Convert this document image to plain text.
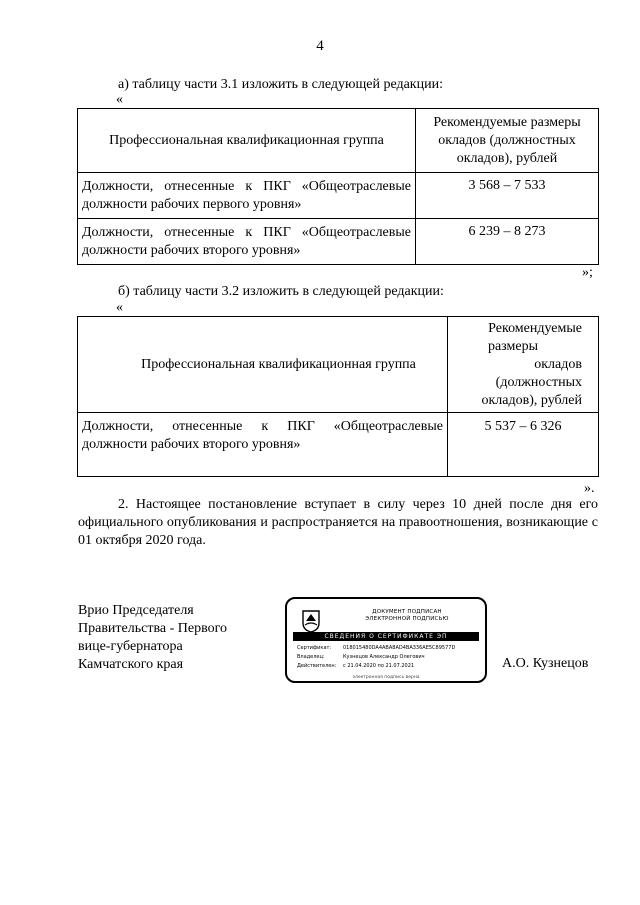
4
а) таблицу части 3.1 изложить в следующей редакции:
«
Профессиональная квалификационная группа	Рекомендуемые размеры окладов (должностных окладов), рублей
Должности, отнесенные к ПКГ «Общеотраслевые должности рабочих первого уровня»	3 568 – 7 533
Должности, отнесенные к ПКГ «Общеотраслевые должности рабочих второго уровня»	6 239 – 8 273
»;
б) таблицу части 3.2 изложить в следующей редакции:
«
Профессиональная квалификационная группа	Рекомендуемые
размеры
окладов
(должностных
окладов), рублей

Должности, отнесенные к ПКГ «Общеотраслевые должности рабочих второго уровня»	5 537 – 6 326
».
2. Настоящее постановление вступает в силу через 10 дней после дня его официального опубликования и распространяется на правоотношения, возникающие с 01 октября 2020 года.
Врио Председателя
Правительства - Первого
вице-губернатора
Камчатского края
ДОКУМЕНТ ПОДПИСАН
ЭЛЕКТРОННОЙ ПОДПИСЬЮ
СВЕДЕНИЯ О СЕРТИФИКАТЕ ЭП
Сертификат: 018015480DA4ABA8AD4BA336AE5C89577D
Владелец:	Кузнецов Александр Олегович
Действителен: с 21.04.2020 по 21.07.2021
электронная подпись верна
А.О. Кузнецов
